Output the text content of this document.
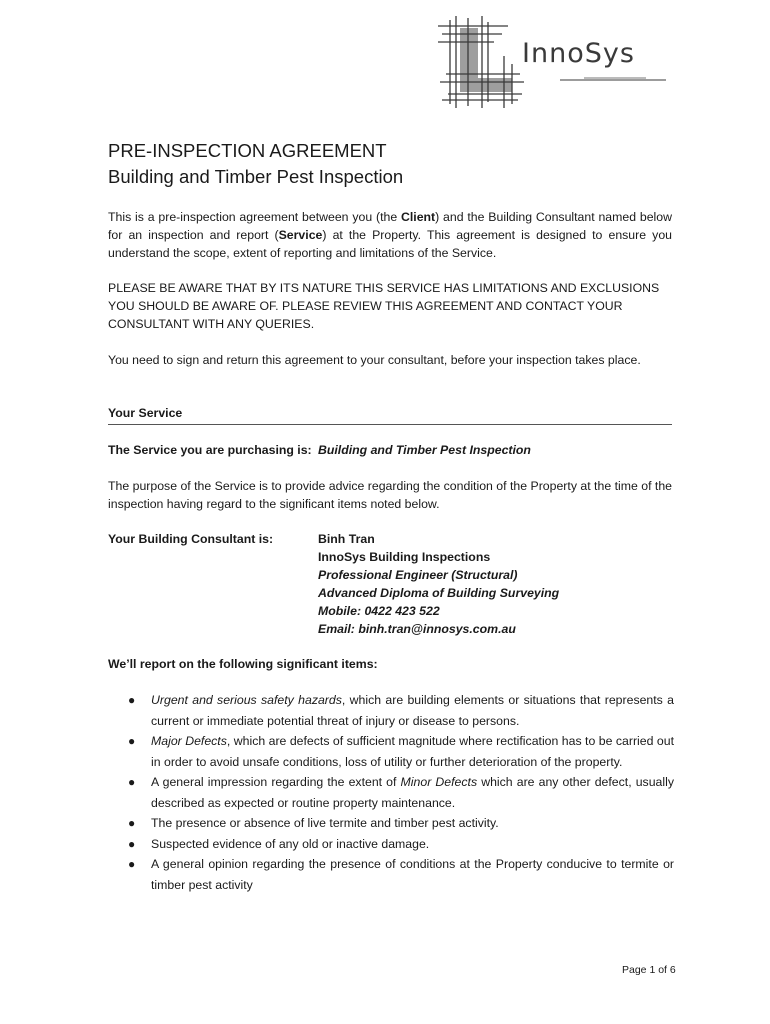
InnoSys
PRE-INSPECTION AGREEMENT
Building and Timber Pest Inspection
This is a pre-inspection agreement between you (the Client) and the Building Consultant named below for an inspection and report (Service) at the Property. This agreement is designed to ensure you understand the scope, extent of reporting and limitations of the Service.
PLEASE BE AWARE THAT BY ITS NATURE THIS SERVICE HAS LIMITATIONS AND EXCLUSIONS YOU SHOULD BE AWARE OF. PLEASE REVIEW THIS AGREEMENT AND CONTACT YOUR CONSULTANT WITH ANY QUERIES.
You need to sign and return this agreement to your consultant, before your inspection takes place.
Your Service
The Service you are purchasing is: Building and Timber Pest Inspection
The purpose of the Service is to provide advice regarding the condition of the Property at the time of the inspection having regard to the significant items noted below.
Your Building Consultant is:	Binh Tran
InnoSys Building Inspections
Professional Engineer (Structural)
Advanced Diploma of Building Surveying
Mobile: 0422 423 522
Email: binh.tran@innosys.com.au
We’ll report on the following significant items:
● Urgent and serious safety hazards, which are building elements or situations that represents a current or immediate potential threat of injury or disease to persons.
● Major Defects, which are defects of sufficient magnitude where rectification has to be carried out in order to avoid unsafe conditions, loss of utility or further deterioration of the property.
● A general impression regarding the extent of Minor Defects which are any other defect, usually described as expected or routine property maintenance.
● The presence or absence of live termite and timber pest activity.
● Suspected evidence of any old or inactive damage.
● A general opinion regarding the presence of conditions at the Property conducive to termite or timber pest activity
Page 1 of 6
